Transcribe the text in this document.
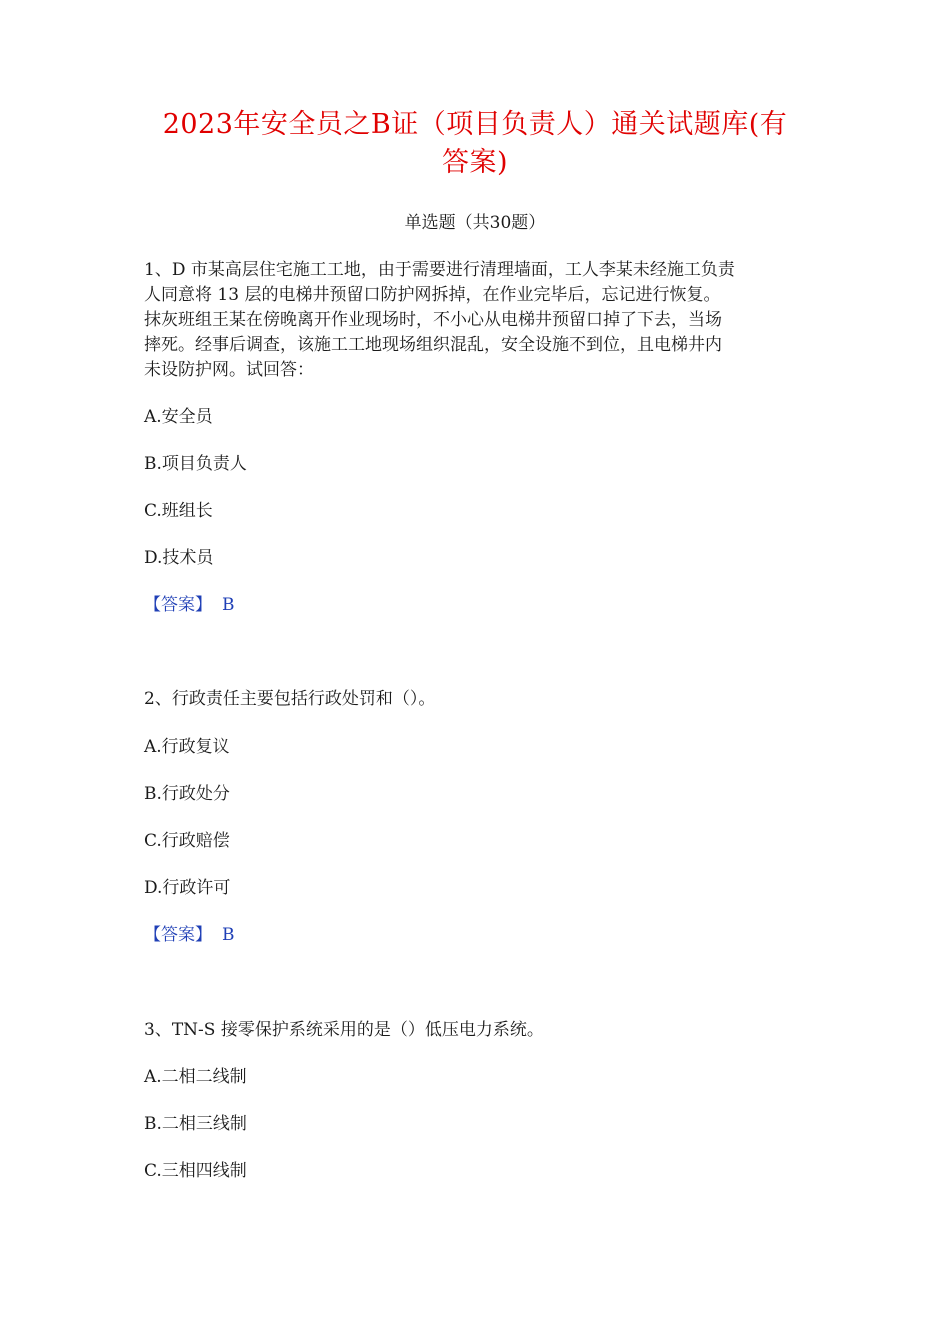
2023年安全员之B证（项目负责人）通关试题库(有
答案)
单选题（共30题）
1、D 市某高层住宅施工工地，由于需要进行清理墙面，工人李某未经施工负责
人同意将 13 层的电梯井预留口防护网拆掉，在作业完毕后，忘记进行恢复。
抹灰班组王某在傍晚离开作业现场时，不小心从电梯井预留口掉了下去，当场
摔死。经事后调查，该施工工地现场组织混乱，安全设施不到位，且电梯井内
未设防护网。试回答：
A.安全员
B.项目负责人
C.班组长
D.技术员
【答案】 B
2、行政责任主要包括行政处罚和（）。
A.行政复议
B.行政处分
C.行政赔偿
D.行政许可
【答案】 B
3、TN-S 接零保护系统采用的是（）低压电力系统。
A.二相二线制
B.二相三线制
C.三相四线制
